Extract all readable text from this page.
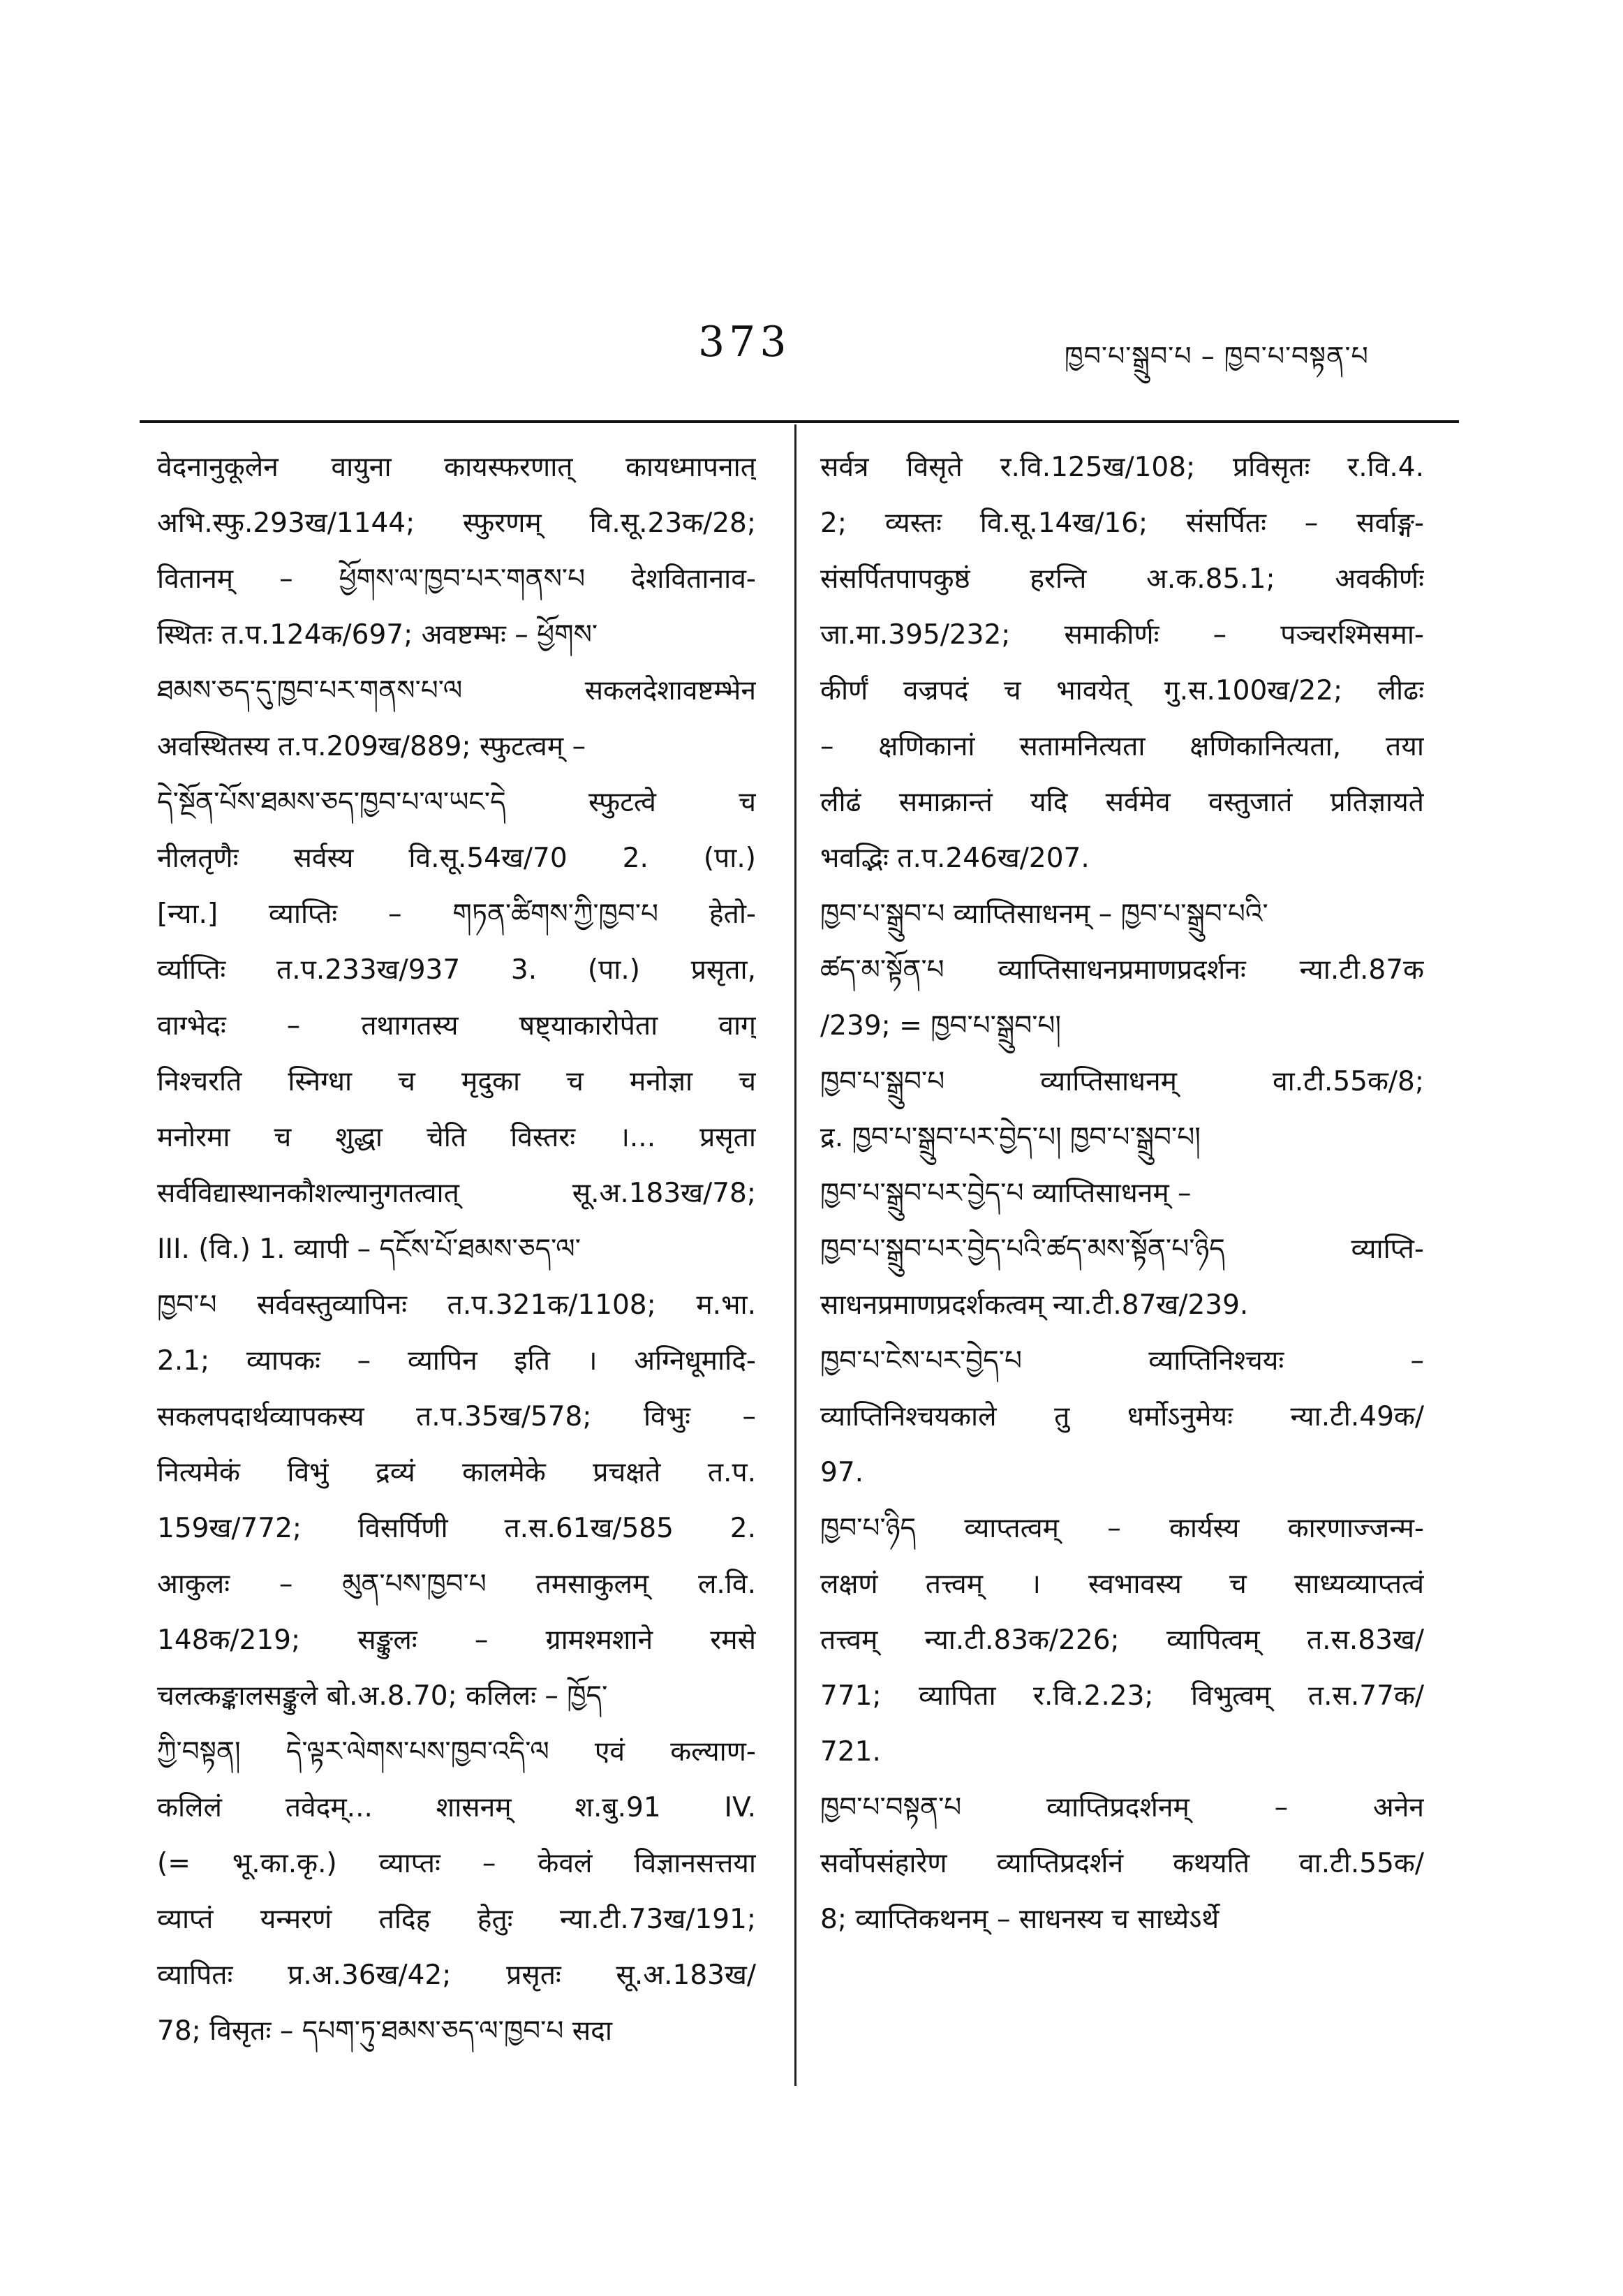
373	ཁྱབ་པ་སྒྲུབ་པ – ཁྱབ་པ་བསྟན་པ
वेदनानुकूलेन वायुना कायस्फरणात् कायध्मापनात्
अभि.स्फु.293ख/1144; स्फुरणम् वि.सू.23क/28;
वितानम् – ཕྱོགས་ལ་ཁྱབ་པར་གནས་པ देशवितानाव-
स्थितः त.प.124क/697; अवष्टम्भः – ཕྱོགས་
ཐམས་ཅད་དུ་ཁྱབ་པར་གནས་པ་ལ सकलदेशावष्टम्भेन
अवस्थितस्य त.प.209ख/889; स्फुटत्वम् –
དེ་སྔོན་པོས་ཐམས་ཅད་ཁྱབ་པ་ལ་ཡང་དེ स्फुटत्वे च
नीलतृणैः सर्वस्य वि.सू.54ख/70 2. (पा.)
[न्या.] व्याप्तिः – གཏན་ཚིགས་ཀྱི་ཁྱབ་པ हेतो-
र्व्याप्तिः त.प.233ख/937 3. (पा.) प्रसृता,
वाग्भेदः – तथागतस्य षष्ट्याकारोपेता वाग्
निश्चरति स्निग्धा च मृदुका च मनोज्ञा च
मनोरमा च शुद्धा चेति विस्तरः ।... प्रसृता
सर्वविद्यास्थानकौशल्यानुगतत्वात् सू.अ.183ख/78;
III. (वि.) 1. व्यापी – དངོས་པོ་ཐམས་ཅད་ལ་
ཁྱབ་པ सर्ववस्तुव्यापिनः त.प.321क/1108; म.भा.
2.1; व्यापकः – व्यापिन इति । अग्निधूमादि-
सकलपदार्थव्यापकस्य त.प.35ख/578; विभुः –
नित्यमेकं विभुं द्रव्यं कालमेके प्रचक्षते त.प.
159ख/772; विसर्पिणी त.स.61ख/585 2.
आकुलः – མུན་པས་ཁྱབ་པ तमसाकुलम् ल.वि.
148क/219; सङ्कुलः – ग्रामश्मशाने रमसे
चलत्कङ्कालसङ्कुले बो.अ.8.70; कलिलः – ཁྱོད་
ཀྱི་བསྟན། དེ་ལྟར་ལེགས་པས་ཁྱབ་འདི་ལ एवं कल्याण-
कलिलं तवेदम्... शासनम् श.बु.91 IV.
(= भू.का.कृ.) व्याप्तः – केवलं विज्ञानसत्तया
व्याप्तं यन्मरणं तदिह हेतुः न्या.टी.73ख/191;
व्यापितः प्र.अ.36ख/42; प्रसृतः सू.अ.183ख/
78; विसृतः – དཔག་ཏུ་ཐམས་ཅད་ལ་ཁྱབ་པ सदा
सर्वत्र विसृते र.वि.125ख/108; प्रविसृतः र.वि.4.
2; व्यस्तः वि.सू.14ख/16; संसर्पितः – सर्वाङ्ग-
संसर्पितपापकुष्ठं हरन्ति अ.क.85.1; अवकीर्णः
जा.मा.395/232; समाकीर्णः – पञ्चरश्मिसमा-
कीर्णं वज्रपदं च भावयेत् गु.स.100ख/22; लीढः
– क्षणिकानां सतामनित्यता क्षणिकानित्यता, तया
लीढं समाक्रान्तं यदि सर्वमेव वस्तुजातं प्रतिज्ञायते
भवद्भिः त.प.246ख/207.
ཁྱབ་པ་སྒྲུབ་པ व्याप्तिसाधनम् – ཁྱབ་པ་སྒྲུབ་པའི་
ཚད་མ་སྟོན་པ व्याप्तिसाधनप्रमाणप्रदर्शनः न्या.टी.87क
/239; = ཁྱབ་པ་སྒྲུབ་པ།
ཁྱབ་པ་སྒྲུབ་པ व्याप्तिसाधनम् वा.टी.55क/8;
द्र. ཁྱབ་པ་སྒྲུབ་པར་བྱེད་པ། ཁྱབ་པ་སྒྲུབ་པ།
ཁྱབ་པ་སྒྲུབ་པར་བྱེད་པ व्याप्तिसाधनम् –
ཁྱབ་པ་སྒྲུབ་པར་བྱེད་པའི་ཚད་མས་སྟོན་པ་ཉིད व्याप्ति-
साधनप्रमाणप्रदर्शकत्वम् न्या.टी.87ख/239.
ཁྱབ་པ་ངེས་པར་བྱེད་པ व्याप्तिनिश्चयः –
व्याप्तिनिश्चयकाले तु धर्मोऽनुमेयः न्या.टी.49क/
97.
ཁྱབ་པ་ཉིད व्याप्तत्वम् – कार्यस्य कारणाज्जन्म-
लक्षणं तत्त्वम् । स्वभावस्य च साध्यव्याप्तत्वं
तत्त्वम् न्या.टी.83क/226; व्यापित्वम् त.स.83ख/
771; व्यापिता र.वि.2.23; विभुत्वम् त.स.77क/
721.
ཁྱབ་པ་བསྟན་པ व्याप्तिप्रदर्शनम् – अनेन
सर्वोपसंहारेण व्याप्तिप्रदर्शनं कथयति वा.टी.55क/
8; व्याप्तिकथनम् – साधनस्य च साध्येऽर्थे
